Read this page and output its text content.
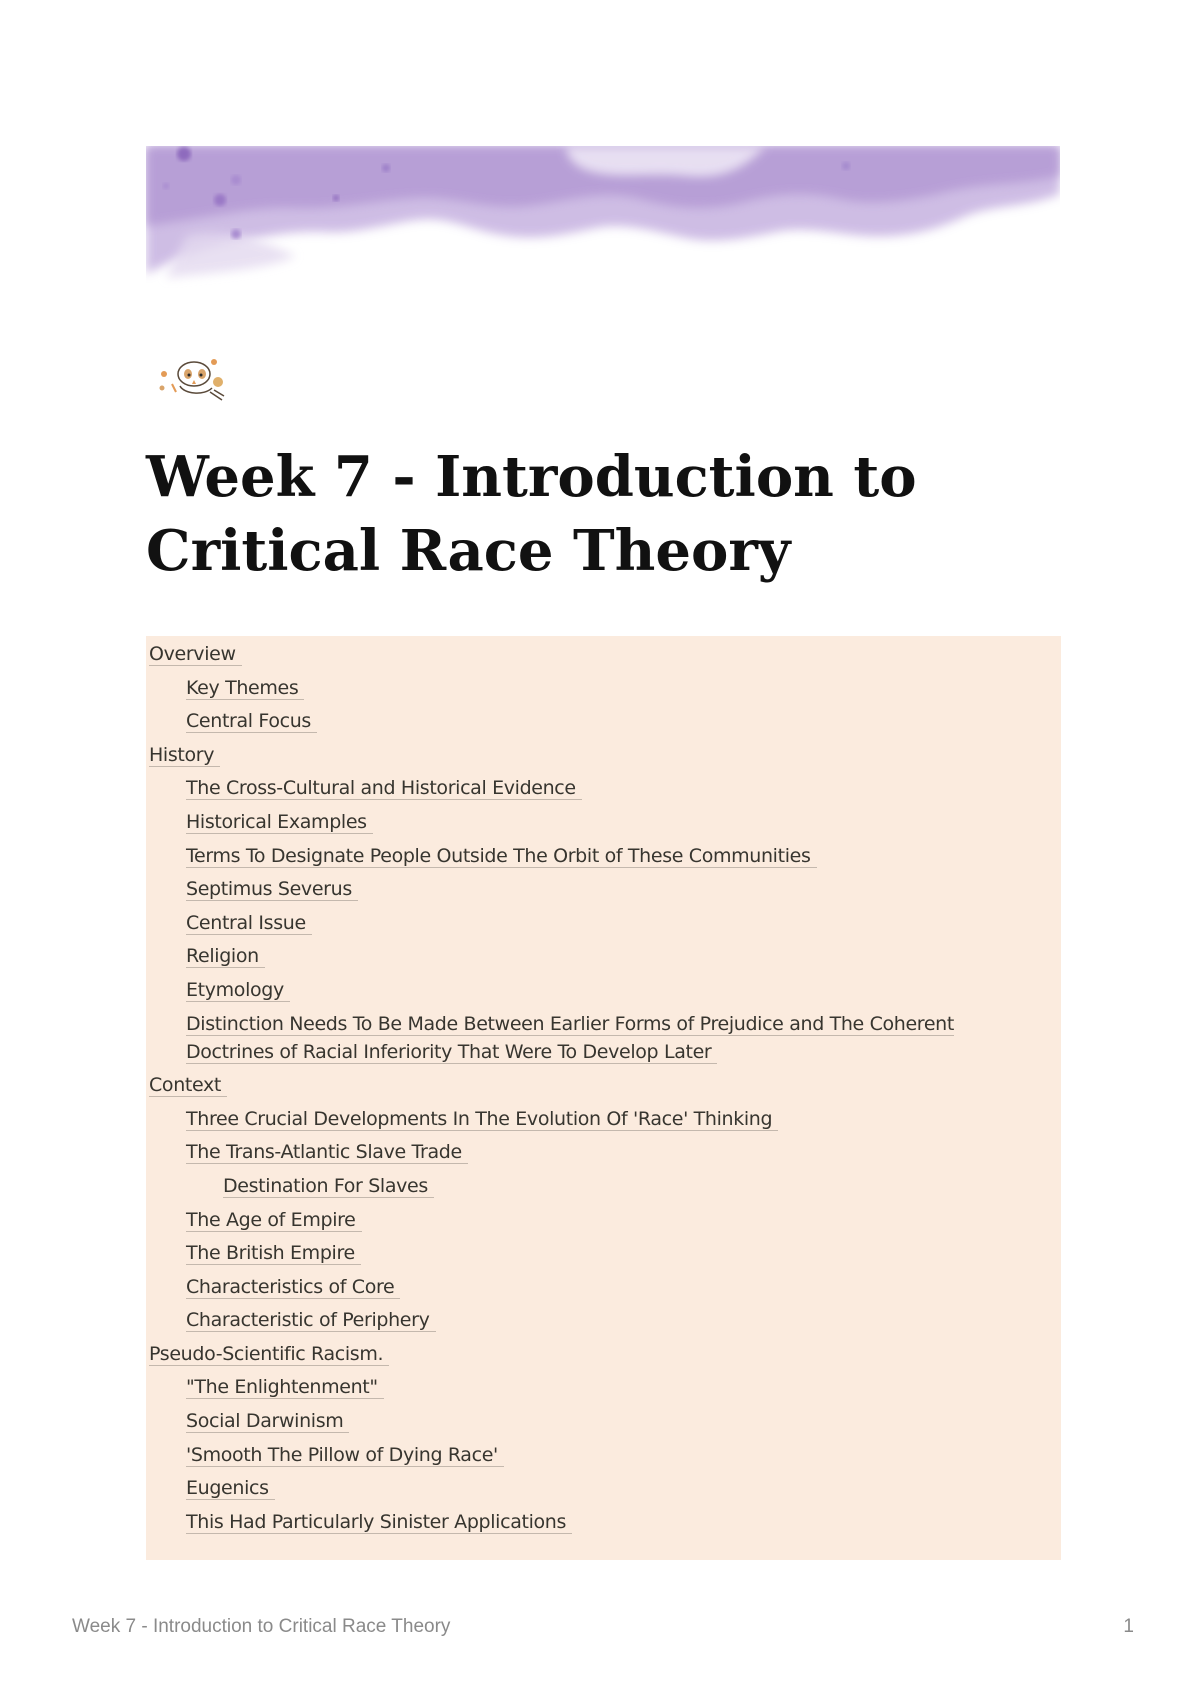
Week 7 - Introduction to Critical Race Theory
Overview
Key Themes
Central Focus
History
The Cross-Cultural and Historical Evidence
Historical Examples
Terms To Designate People Outside The Orbit of These Communities
Septimus Severus
Central Issue
Religion
Etymology
Distinction Needs To Be Made Between Earlier Forms of Prejudice and The Coherent Doctrines of Racial Inferiority That Were To Develop Later
Context
Three Crucial Developments In The Evolution Of 'Race' Thinking
The Trans-Atlantic Slave Trade
Destination For Slaves
The Age of Empire
The British Empire
Characteristics of Core
Characteristic of Periphery
Pseudo-Scientific Racism.
"The Enlightenment"
Social Darwinism
'Smooth The Pillow of Dying Race'
Eugenics
This Had Particularly Sinister Applications
Week 7 - Introduction to Critical Race Theory	1
